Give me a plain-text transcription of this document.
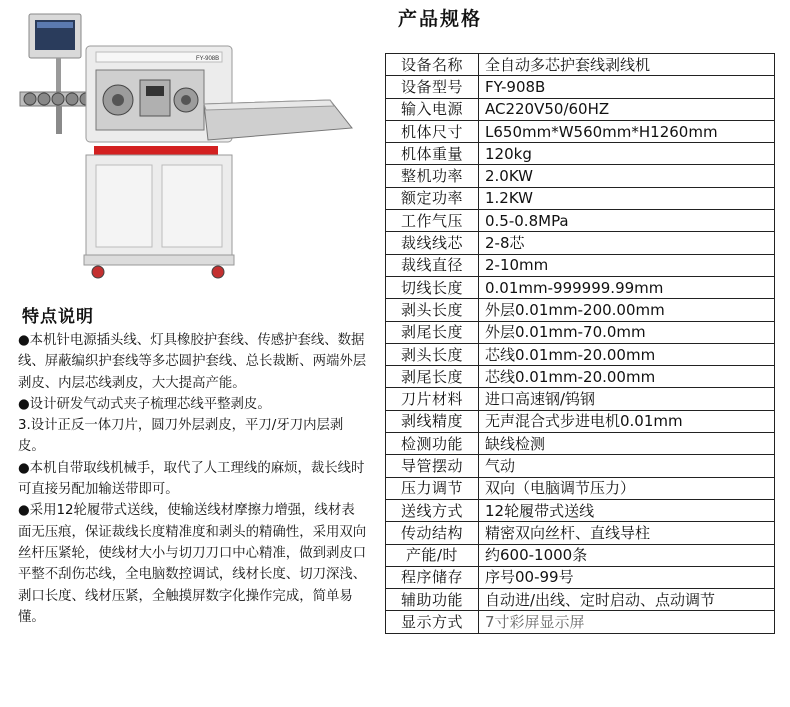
FY-908B
特点说明

●本机针电源插头线、灯具橡胶护套线、传感护套线、数据线、屏蔽编织护套线等多芯圆护套线、总长裁断、两端外层剥皮、内层芯线剥皮，大大提高产能。

●设计研发气动式夹子梳理芯线平整剥皮。

3.设计正反一体刀片，圆刀外层剥皮，平刀/牙刀内层剥皮。

●本机自带取线机械手，取代了人工理线的麻烦，裁长线时可直接另配加输送带即可。

●采用12轮履带式送线，使输送线材摩擦力增强，线材表面无压痕，保证裁线长度精准度和剥头的精确性，采用双向丝杆压紧轮，使线材大小与切刀刀口中心精准，做到剥皮口平整不刮伤芯线，全电脑数控调试，线材长度、切刀深浅、剥口长度、线材压紧，全触摸屏数字化操作完成，简单易懂。

产品规格
设备名称	全自动多芯护套线剥线机
设备型号	FY-908B
输入电源	AC220V50/60HZ
机体尺寸	L650mm*W560mm*H1260mm
机体重量	120kg
整机功率	2.0KW
额定功率	1.2KW
工作气压	0.5-0.8MPa
裁线线芯	2-8芯
裁线直径	2-10mm
切线长度	0.01mm-999999.99mm
剥头长度	外层0.01mm-200.00mm
剥尾长度	外层0.01mm-70.0mm
剥头长度	芯线0.01mm-20.00mm
剥尾长度	芯线0.01mm-20.00mm
刀片材料	进口高速钢/钨钢
剥线精度	无声混合式步进电机0.01mm
检测功能	缺线检测
导管摆动	气动
压力调节	双向（电脑调节压力）
送线方式	12轮履带式送线
传动结构	精密双向丝杆、直线导柱
产能/时	约600-1000条
程序储存	序号00-99号
辅助功能	自动进/出线、定时启动、点动调节
显示方式	7寸彩屏显示屏
